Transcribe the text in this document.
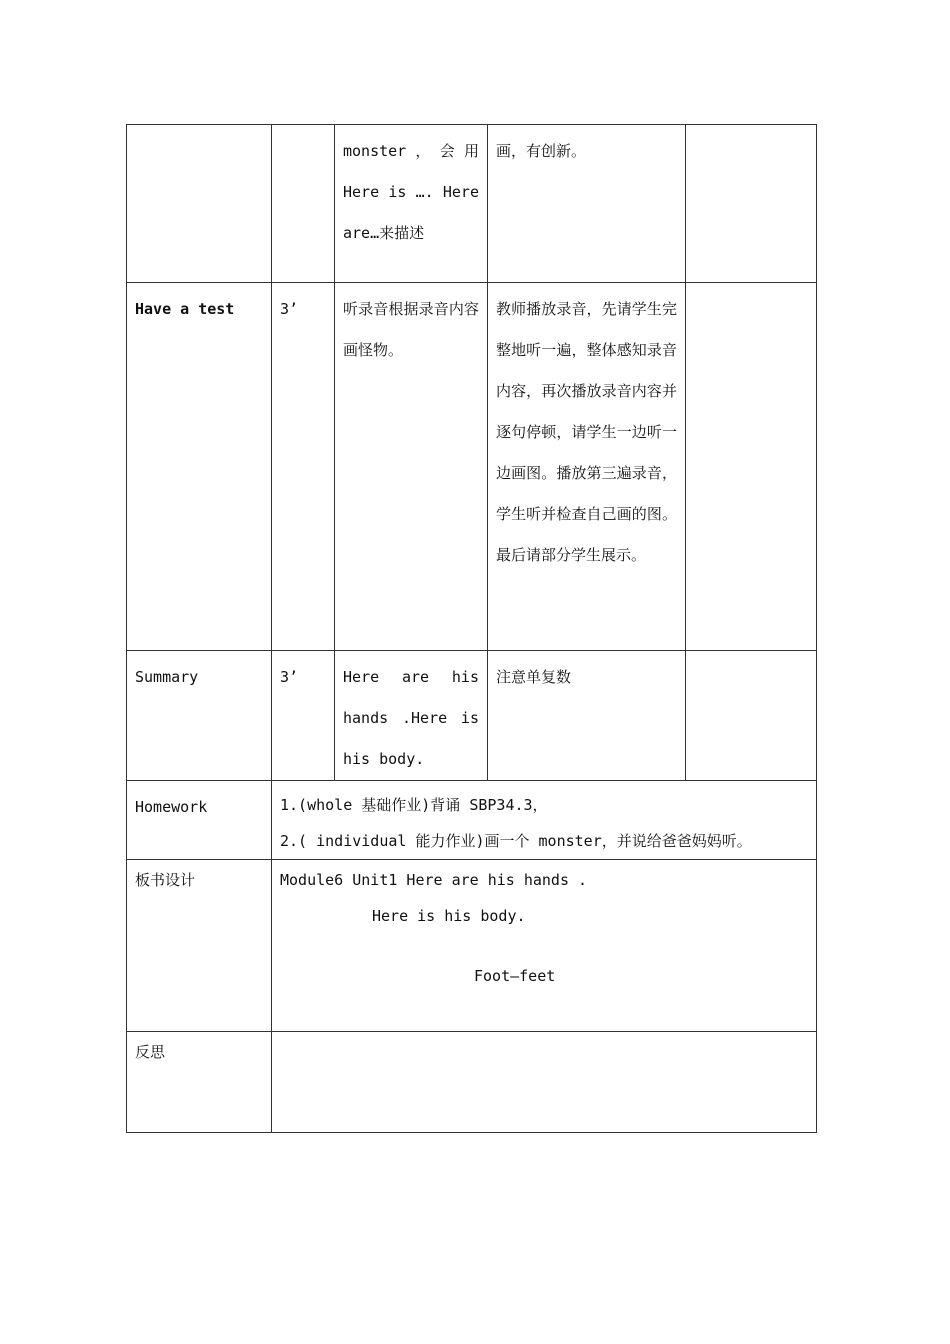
		monster ， 会 用 Here is …. Here are…来描述	画，有创新。	
Have a test	3’	听录音根据录音内容画怪物。	教师播放录音，先请学生完整地听一遍，整体感知录音内容，再次播放录音内容并逐句停顿，请学生一边听一边画图。播放第三遍录音，学生听并检查自己画的图。最后请部分学生展示。	
Summary	3’	Here are his hands .Here is his body.	注意单复数	
Homework	1.(whole 基础作业)背诵 SBP34.3，
2.( individual 能力作业)画一个 monster，并说给爸爸妈妈听。			

板书设计	Module6 Unit1 Here are his hands .
Here is his body.
Foot—feet			

反思				
